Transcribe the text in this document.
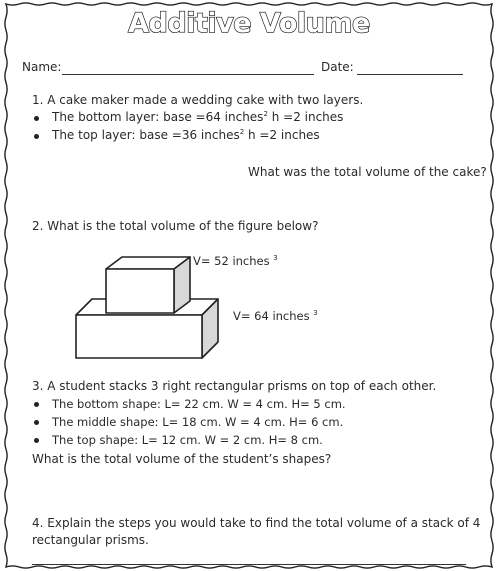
Additive Volume
Name:	Date:
1. A cake maker made a wedding cake with two layers.
The bottom layer: base =64 inches$^2$ h =2 inches
The top layer: base =36 inches$^2$ h =2 inches
What was the total volume of the cake?
2. What is the total volume of the figure below?
V= 52 inches $^3$
V= 64 inches $^3$
3. A student stacks 3 right rectangular prisms on top of each other.
The bottom shape: L= 22 cm. W = 4 cm. H= 5 cm.
The middle shape: L= 18 cm. W = 4 cm. H= 6 cm.
The top shape: L= 12 cm. W = 2 cm. H= 8 cm.
What is the total volume of the student’s shapes?
4. Explain the steps you would take to find the total volume of a stack of 4
rectangular prisms.
